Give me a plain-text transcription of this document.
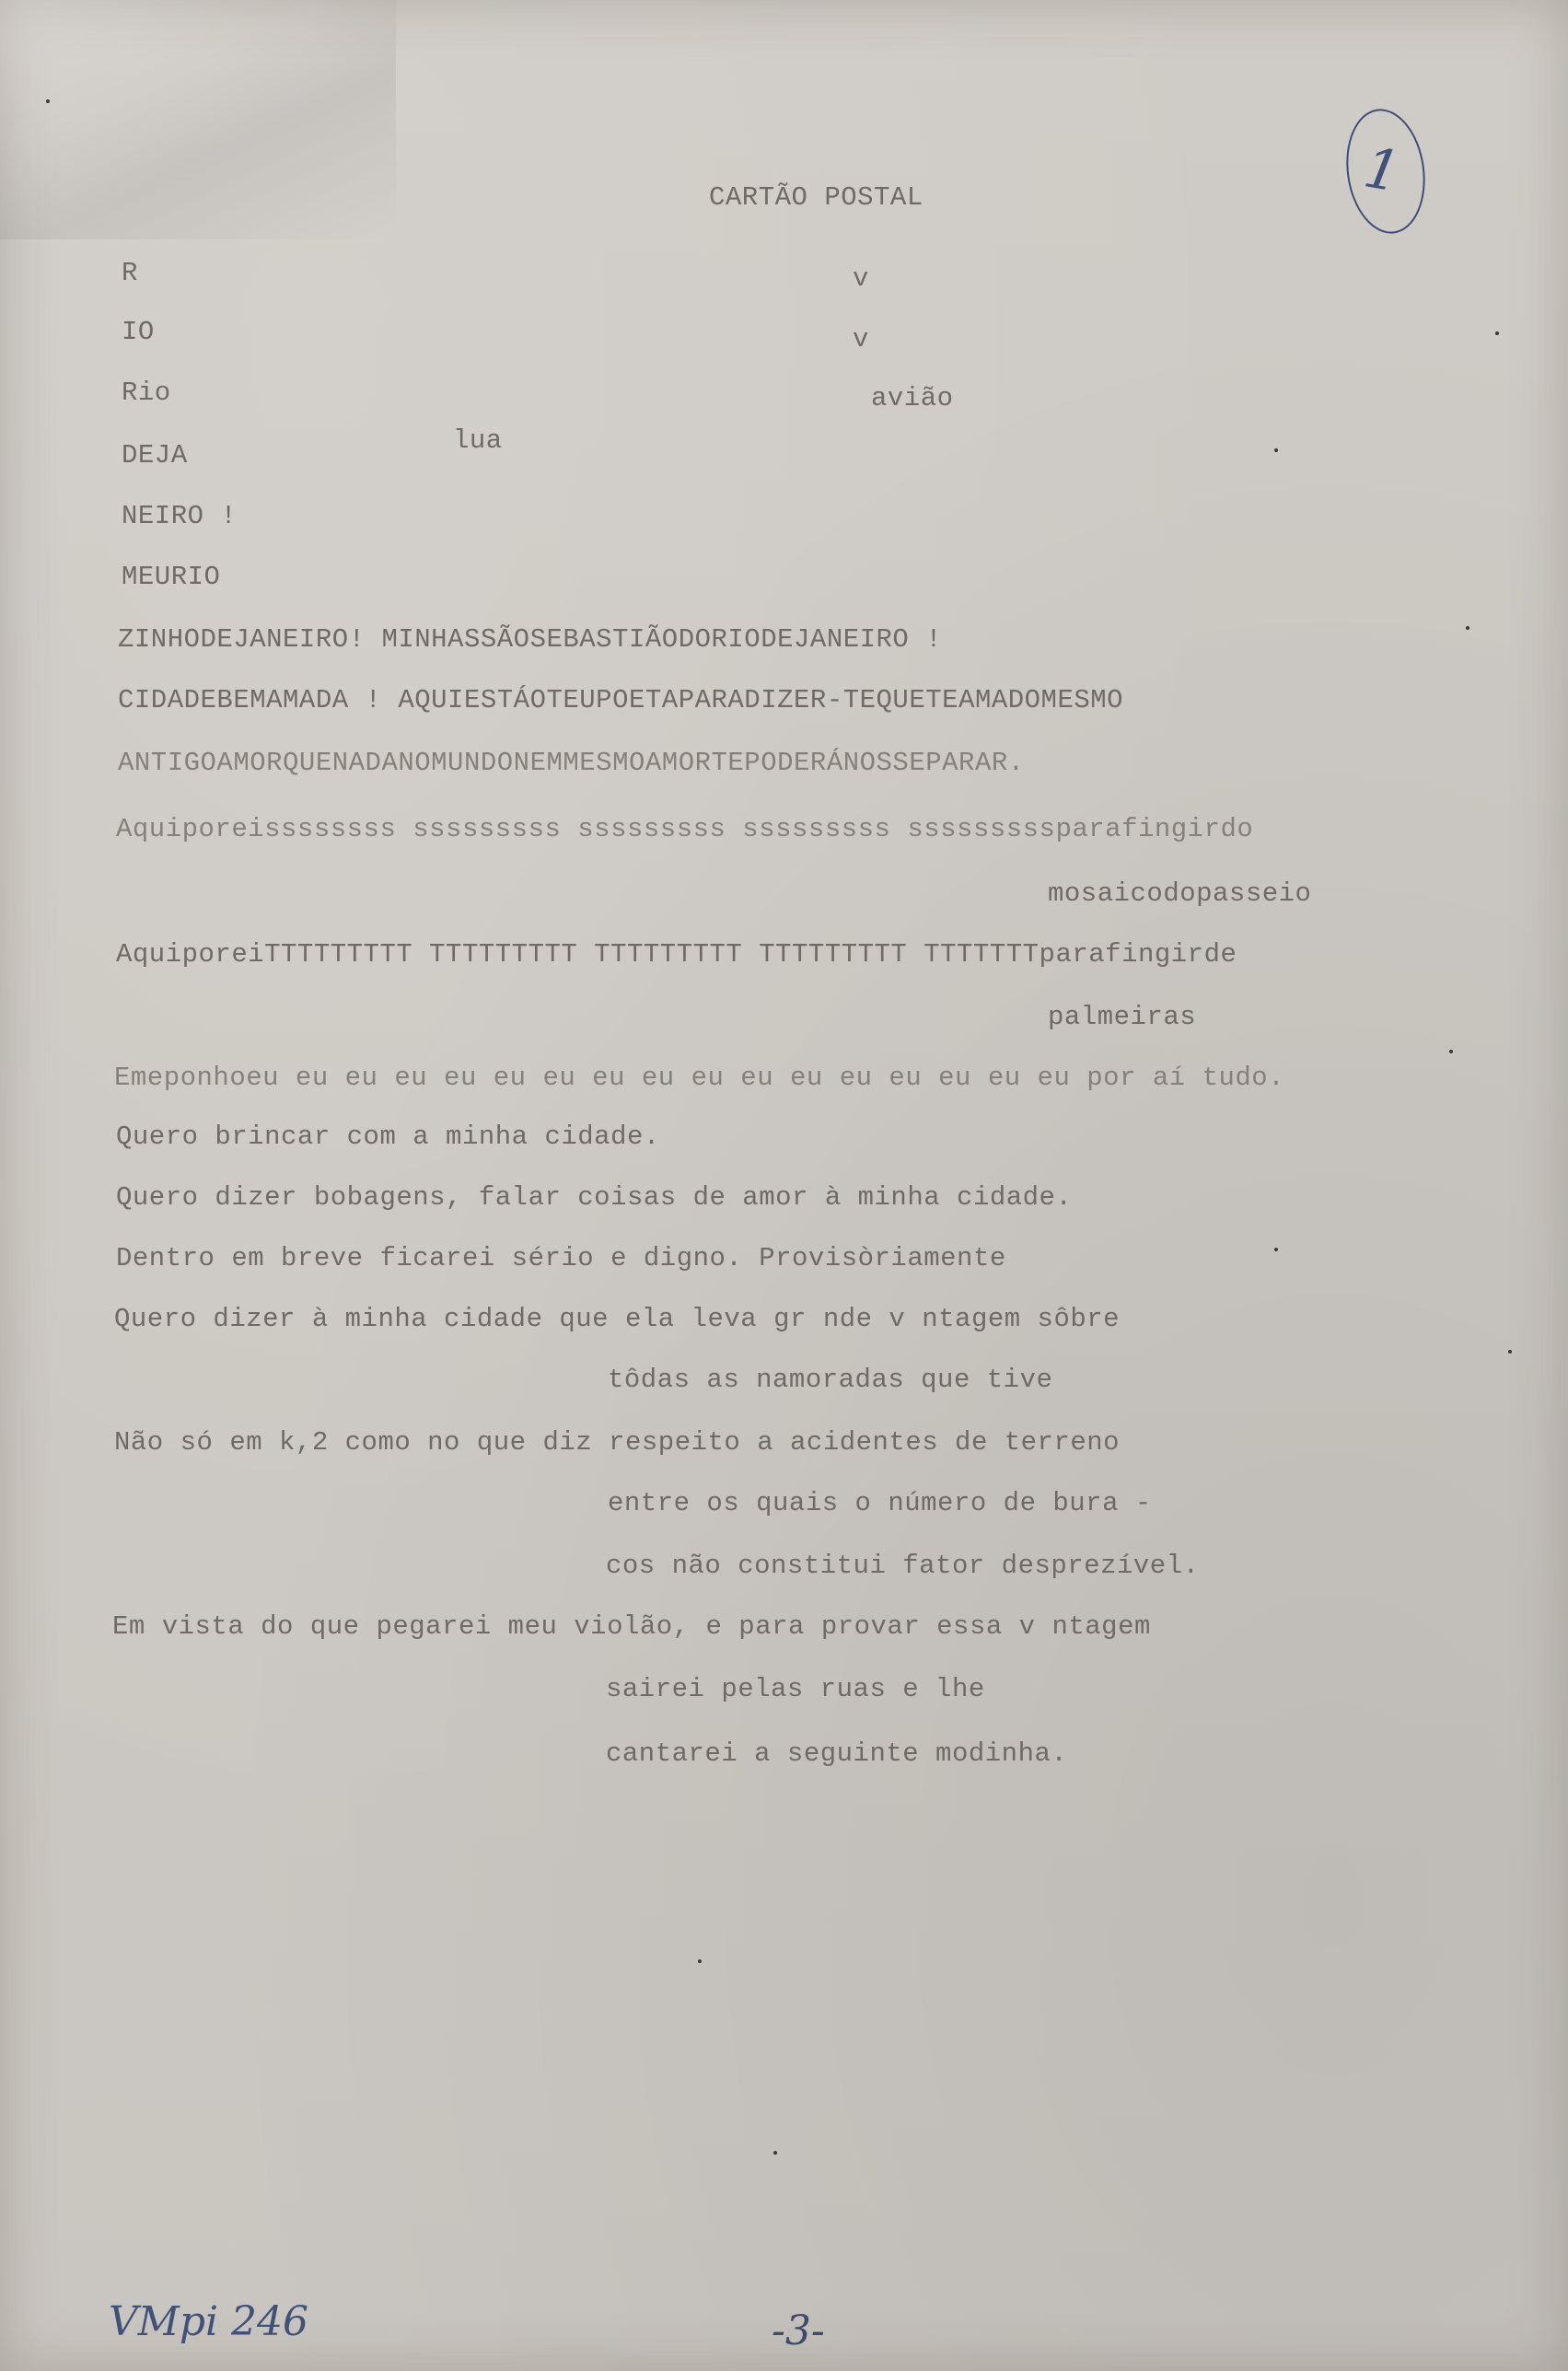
CARTÃO POSTAL
R
IO
Rio
DEJA
NEIRO !
MEURIO
v
v
avião
lua
ZINHODEJANEIRO! MINHASSÃOSEBASTIÃODORIODEJANEIRO !
CIDADEBEMAMADA ! AQUIESTÁOTEUPOETAPARADIZER-TEQUETEAMADOMESMO
ANTIGOAMORQUENADANOMUNDONEMMESMOAMORTEPODERÁNOSSEPARAR.
Aquiporeissssssss sssssssss sssssssss sssssssss sssssssssparafingirdo
mosaicodopasseio
AquiporeiTTTTTTTTT TTTTTTTTT TTTTTTTTT TTTTTTTTT TTTTTTTparafingirde
palmeiras
Emeponhoeu eu eu eu eu eu eu eu eu eu eu eu eu eu eu eu eu por aí tudo.
Quero brincar com a minha cidade.
Quero dizer bobagens, falar coisas de amor à minha cidade.
Dentro em breve ficarei sério e digno. Provisòriamente
Quero dizer à minha cidade que ela leva gr nde v ntagem sôbre
tôdas as namoradas que tive
Não só em k,2 como no que diz respeito a acidentes de terreno
entre os quais o número de bura -
cos não constitui fator desprezível.
Em vista do que pegarei meu violão, e para provar essa v ntagem
sairei pelas ruas e lhe
cantarei a seguinte modinha.
1
VMpi 246	-3-
